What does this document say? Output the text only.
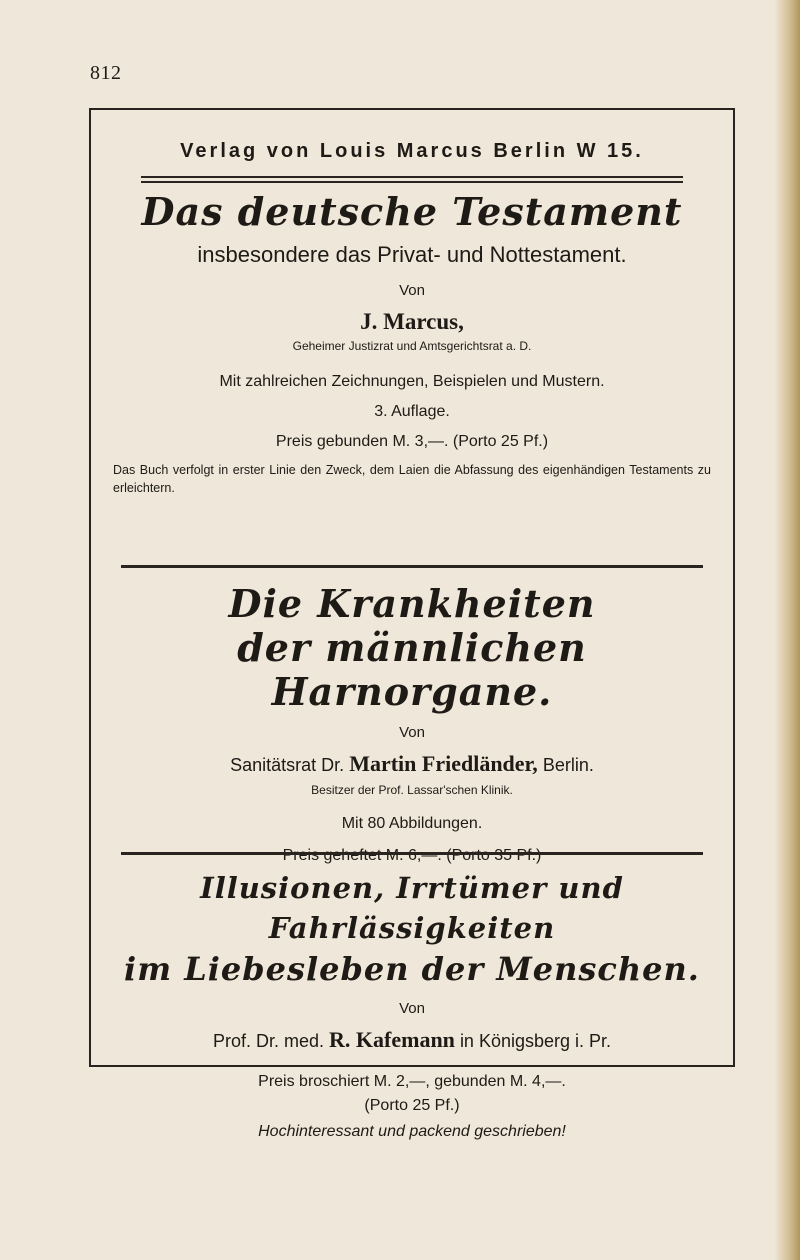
812
Verlag von Louis Marcus Berlin W 15.
Das deutsche Testament
insbesondere das Privat- und Nottestament.
Von
J. Marcus,
Geheimer Justizrat und Amtsgerichtsrat a. D.
Mit zahlreichen Zeichnungen, Beispielen und Mustern.
3. Auflage.
Preis gebunden M. 3,—. (Porto 25 Pf.)
Das Buch verfolgt in erster Linie den Zweck, dem Laien die Abfassung des eigenhändigen Testaments zu erleichtern.
Die Krankheiten
der männlichen Harnorgane.
Von
Sanitätsrat Dr. Martin Friedländer, Berlin.
Besitzer der Prof. Lassar'schen Klinik.
Mit 80 Abbildungen.
Preis geheftet M. 6,—. (Porto 35 Pf.)
Illusionen, Irrtümer und Fahrlässigkeiten
im Liebesleben der Menschen.
Von
Prof. Dr. med. R. Kafemann in Königsberg i. Pr.
Preis broschiert M. 2,—, gebunden M. 4,—.
(Porto 25 Pf.)
Hochinteressant und packend geschrieben!
